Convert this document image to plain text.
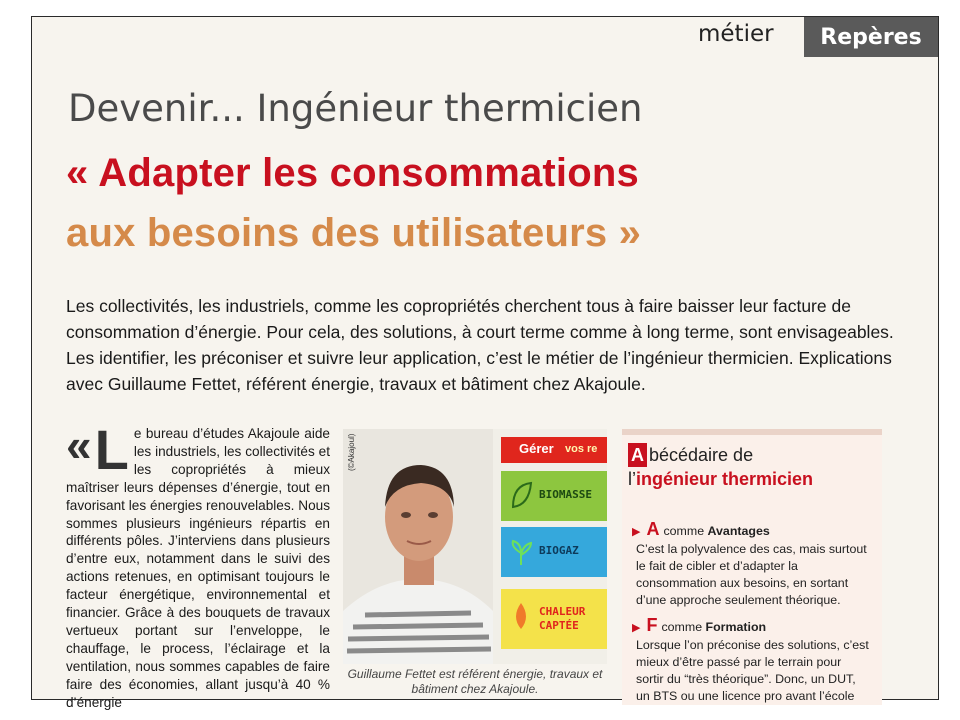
métier	Repères
Devenir... Ingénieur thermicien
« Adapter les consommations
aux besoins des utilisateurs »
Les collectivités, les industriels, comme les copropriétés cherchent tous à faire baisser leur facture de consommation d’énergie. Pour cela, des solutions, à court terme comme à long terme, sont envisageables. Les identifier, les préconiser et suivre leur application, c’est le métier de l’ingénieur thermicien. Explications avec Guillaume Fettet, référent énergie, travaux et bâtiment chez Akajoule.
« L e bureau d’études Akajoule aide les industriels, les collectivités et les copropriétés à mieux maîtriser leurs dépenses d’énergie, tout en favorisant les énergies renouvelables. Nous sommes plusieurs ingénieurs répartis en différents pôles. J’interviens dans plusieurs d’entre eux, notamment dans le suivi des actions retenues, en optimisant toujours le facteur énergétique, environnemental et financier. Grâce à des bouquets de travaux vertueux portant sur l’enveloppe, le chauffage, le process, l’éclairage et la ventilation, nous sommes capables de faire faire des économies, allant jusqu’à 40 % d’énergie
Gérer vos re
BIOMASSE
BIOGAZ
CHALEUR CAPTÉE
(©Akajoul)
Guillaume Fettet est référent énergie, travaux et bâtiment chez Akajoule.
A bécédaire de
l’ingénieur thermicien
▶ A comme Avantages

C’est la polyvalence des cas, mais surtout le fait de cibler et d’adapter la consommation aux besoins, en sortant d’une approche seulement théorique.

▶ F comme Formation

Lorsque l’on préconise des solutions, c’est mieux d’être passé par le terrain pour sortir du “très théorique”. Donc, un DUT, un BTS ou une licence pro avant l’école
